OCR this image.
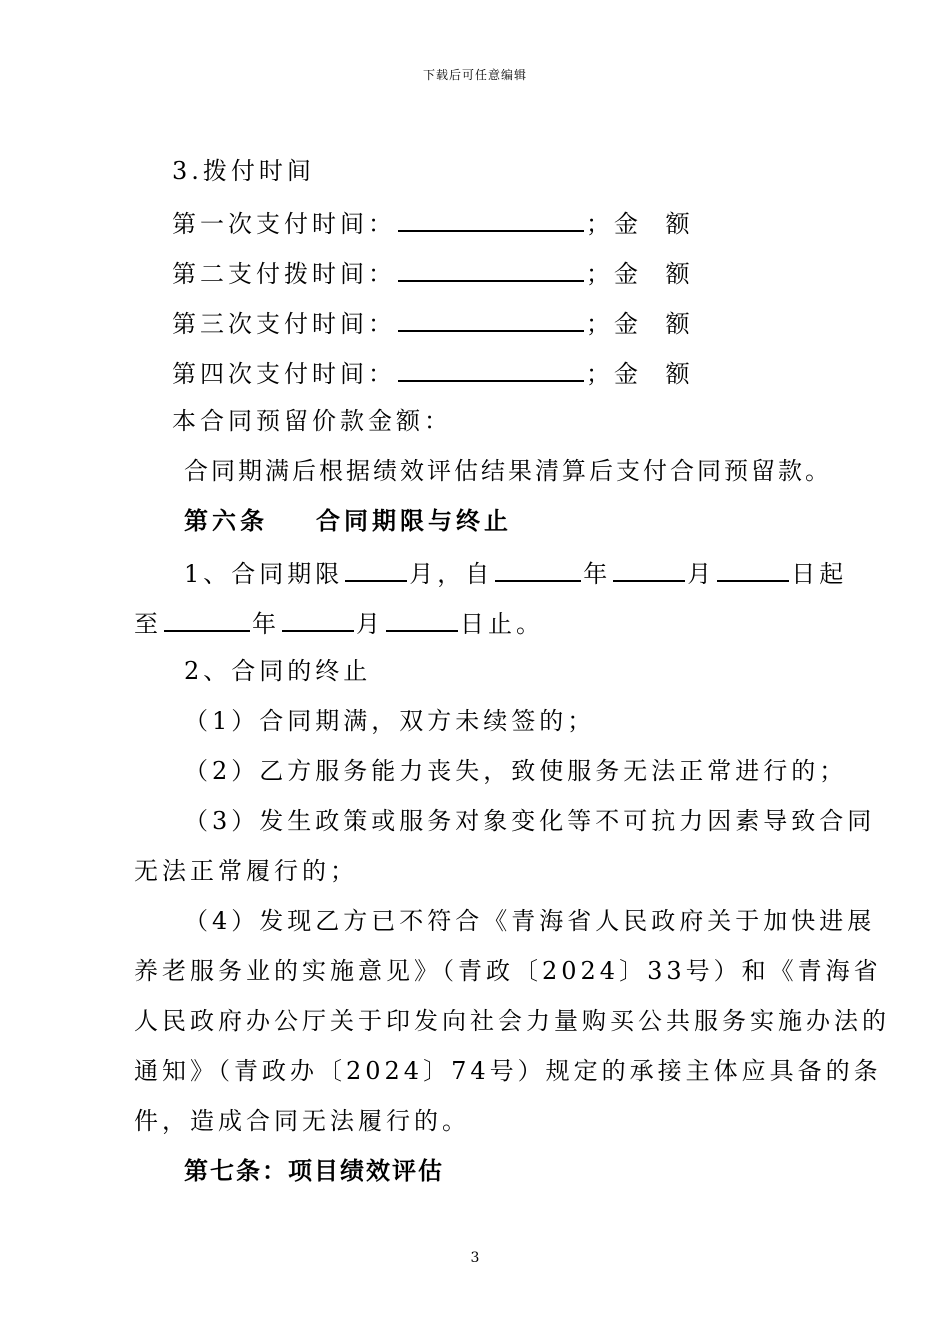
下载后可任意编辑
3.拨付时间
第一次支付时间：	；金 额
第二支付拨时间：	；金 额
第三次支付时间：	；金 额
第四次支付时间：	；金 额
本合同预留价款金额：
合同期满后根据绩效评估结果清算后支付合同预留款。
第六条 合同期限与终止
1、合同期限	月，自	年	月	日起
至	年	月	日止。
2、合同的终止
（1）合同期满，双方未续签的；
（2）乙方服务能力丧失，致使服务无法正常进行的；
（3）发生政策或服务对象变化等不可抗力因素导致合同
无法正常履行的；
（4）发现乙方已不符合《青海省人民政府关于加快进展
养老服务业的实施意见》（青政〔2024〕33号）和《青海省
人民政府办公厅关于印发向社会力量购买公共服务实施办法的
通知》（青政办〔2024〕74号）规定的承接主体应具备的条
件，造成合同无法履行的。
第七条：项目绩效评估
3
